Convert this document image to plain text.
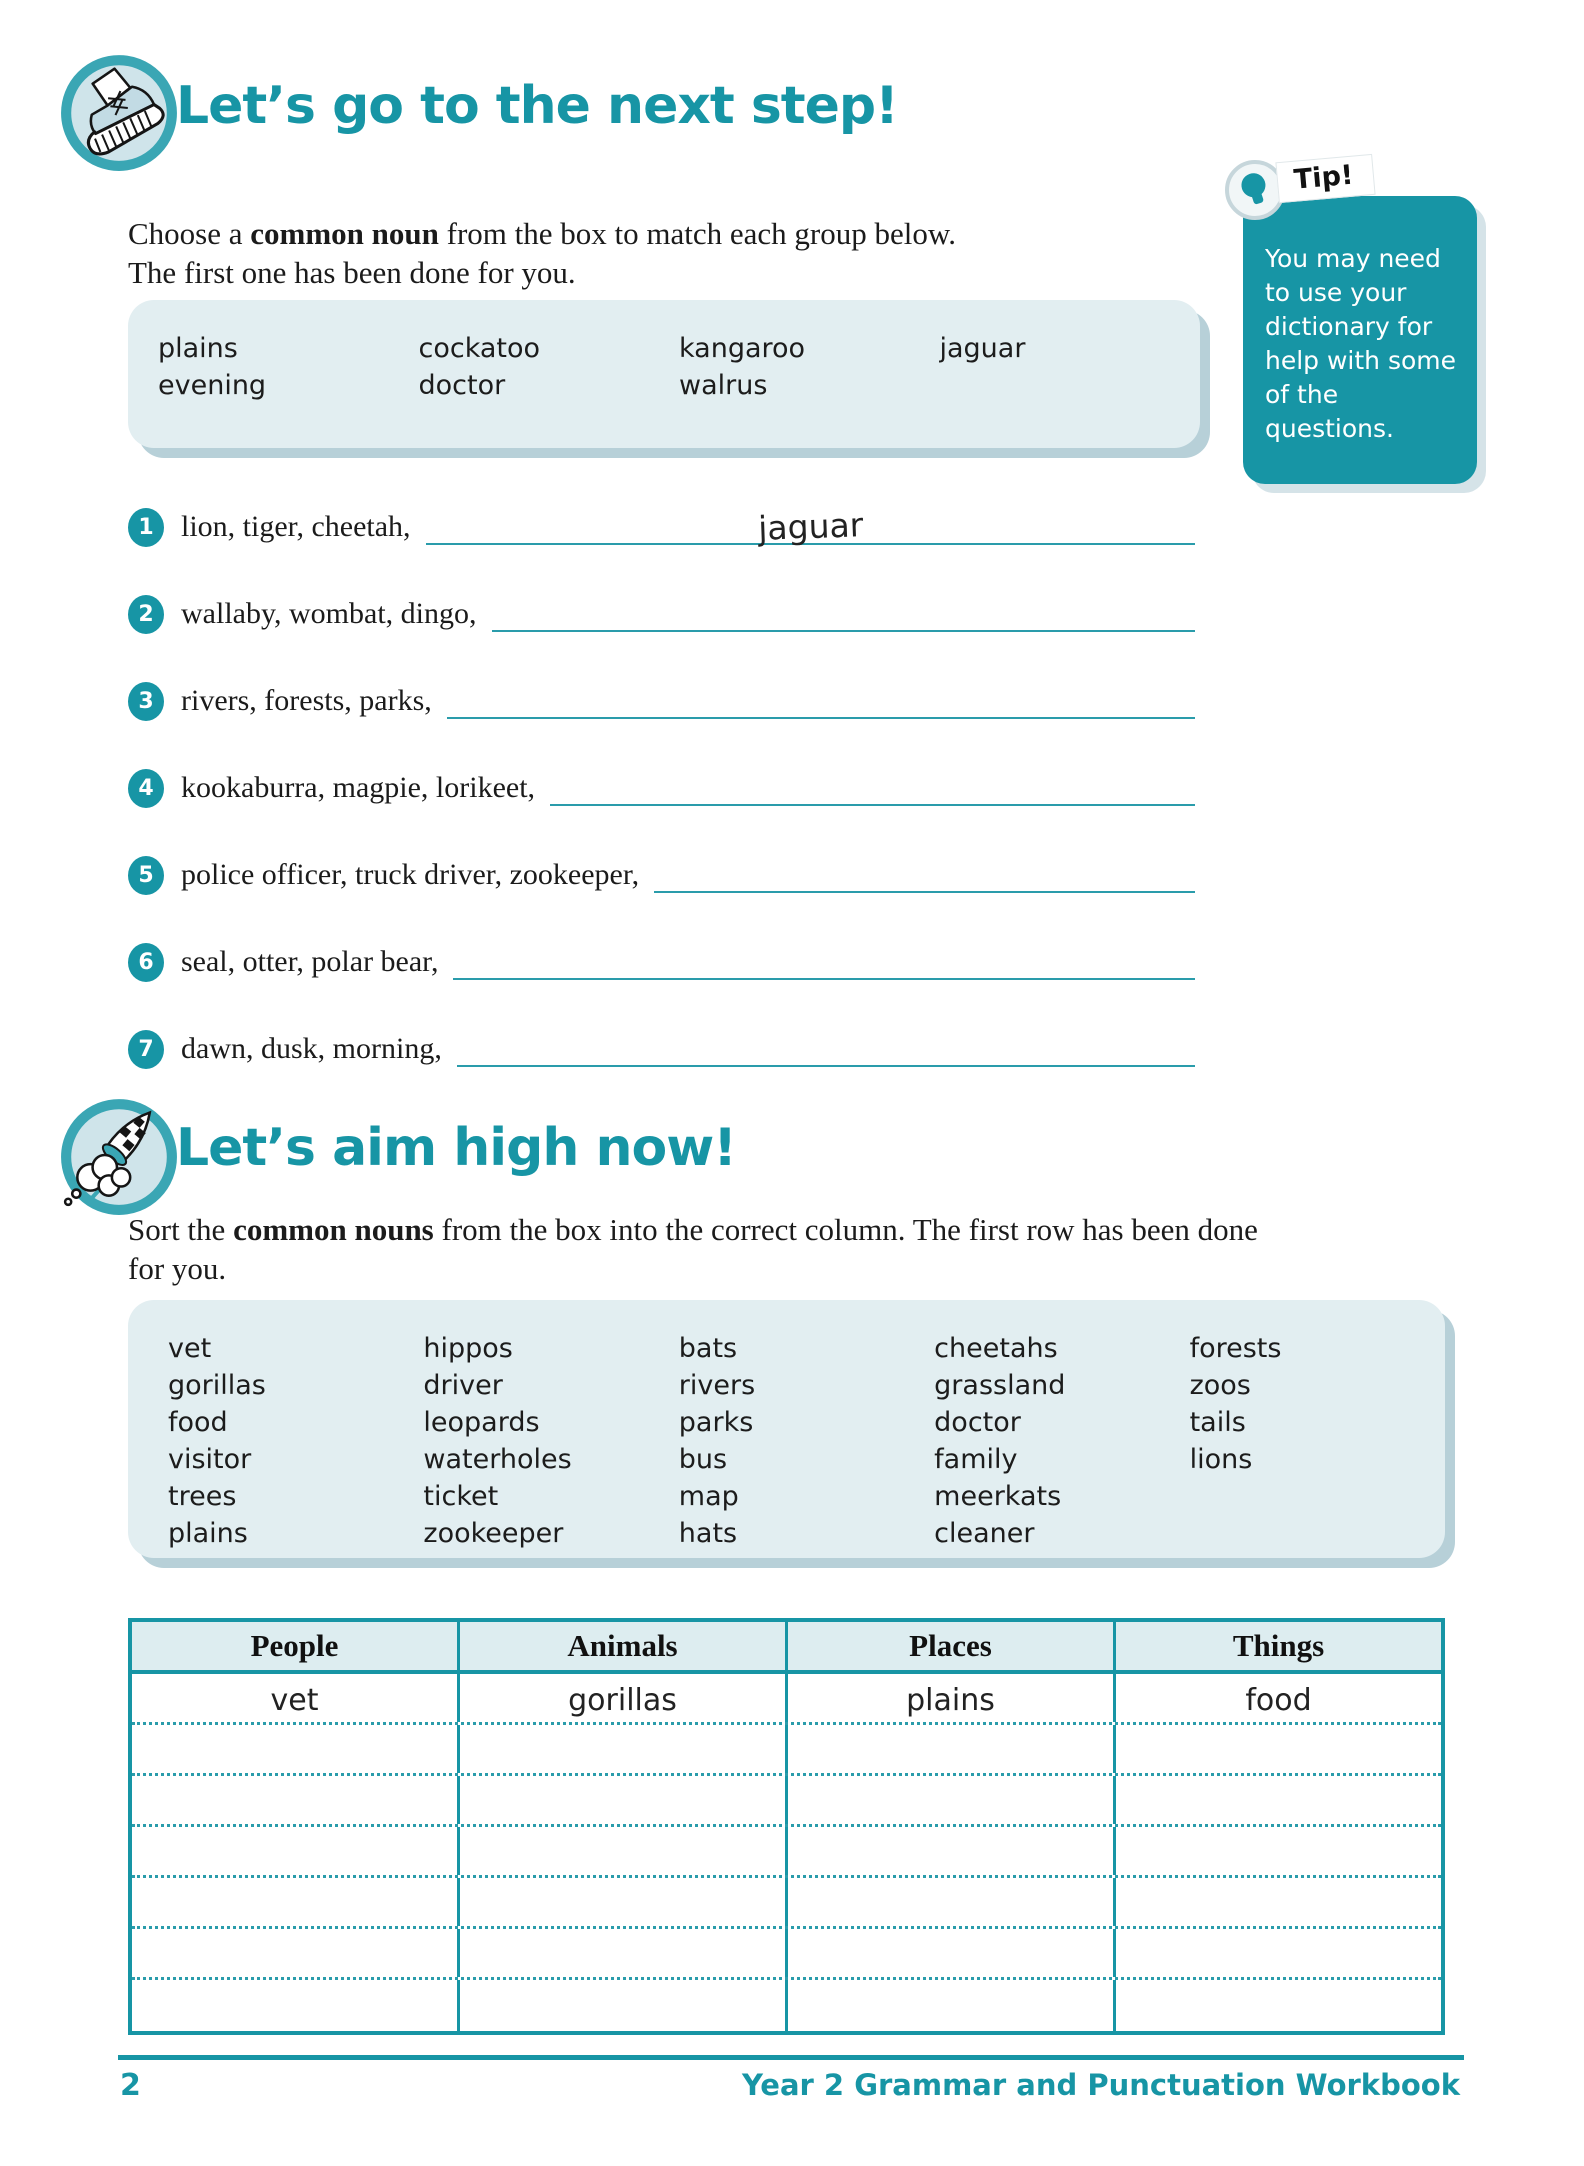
Let’s go to the next step!

Choose a common noun from the box to match each group below.
The first one has been done for you.

Tip!
You may need to use your dictionary for help with some of the questions.
plains
evening
cockatoo
doctor
kangaroo
walrus
jaguar
1 lion, tiger, cheetah,	jaguar
2 wallaby, wombat, dingo,
3 rivers, forests, parks,
4 kookaburra, magpie, lorikeet,
5 police officer, truck driver, zookeeper,
6 seal, otter, polar bear,
7 dawn, dusk, morning,
Let’s aim high now!

Sort the common nouns from the box into the correct column. The first row has been done for you.

vet
gorillas
food
visitor
trees
plains
hippos
driver
leopards
waterholes
ticket
zookeeper
bats
rivers
parks
bus
map
hats
cheetahs
grassland
doctor
family
meerkats
cleaner
forests
zoos
tails
lions
People	Animals	Places	Things
vet	gorillas	plains	food
2	Year 2 Grammar and Punctuation Workbook
